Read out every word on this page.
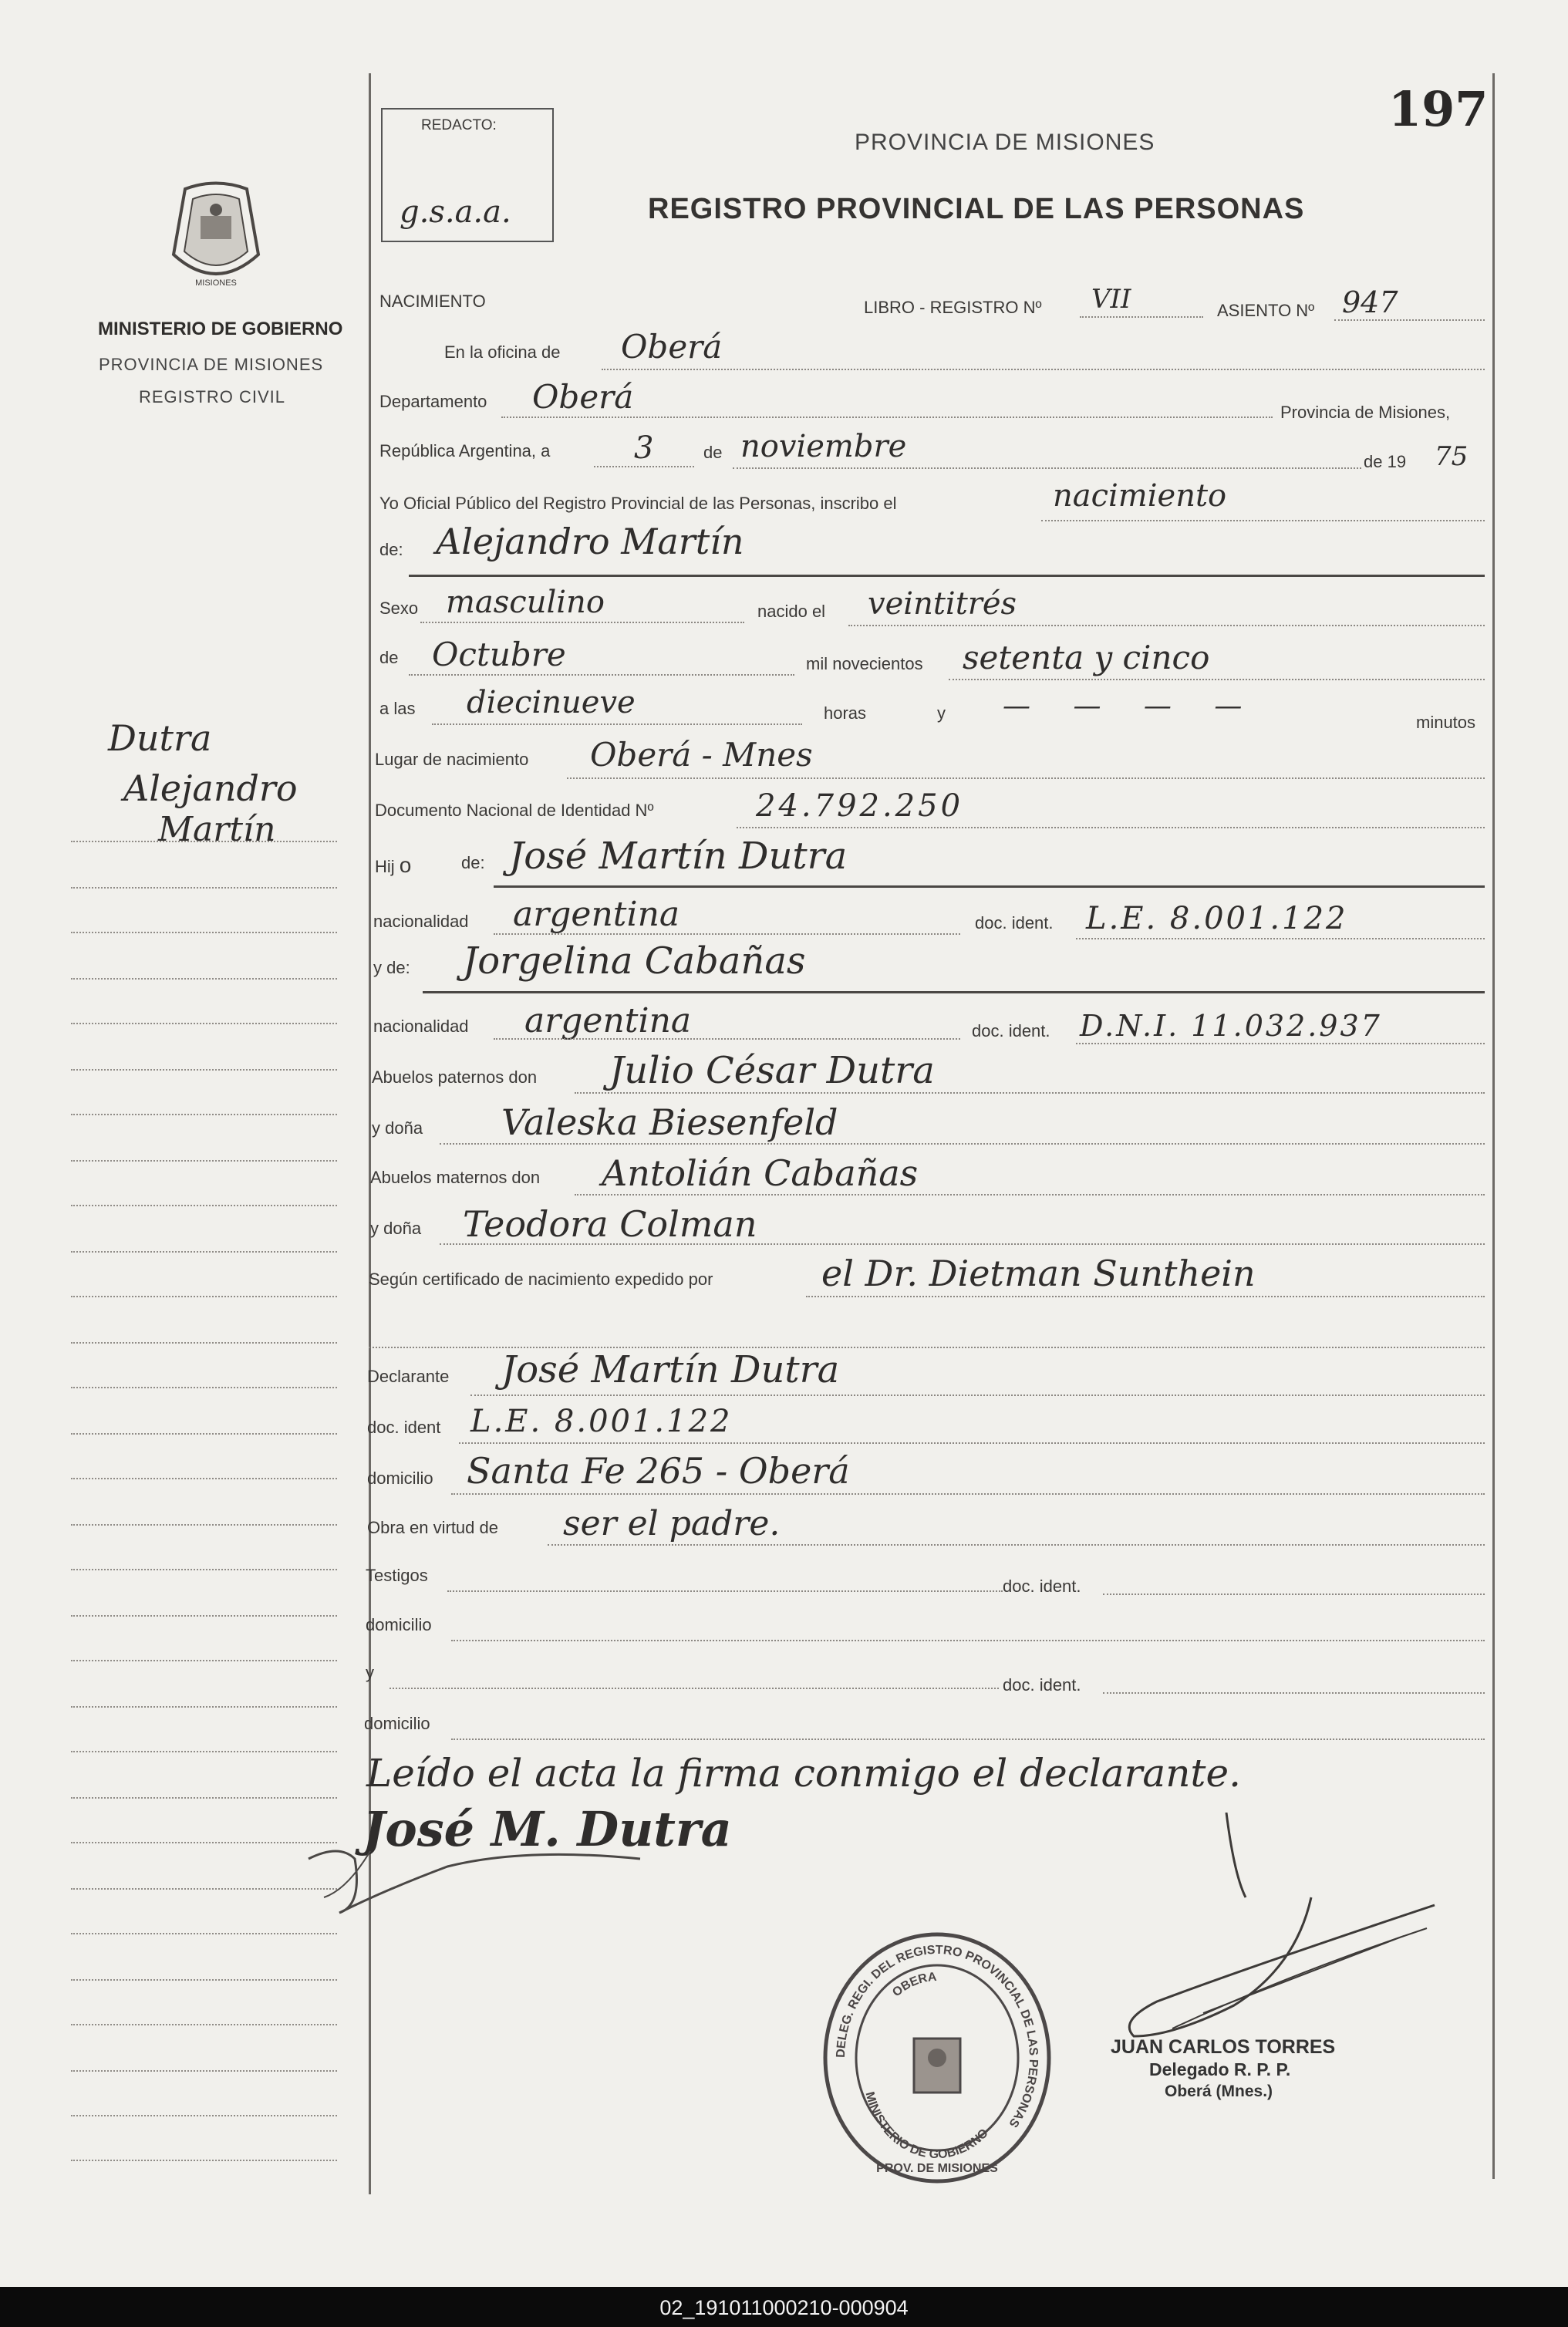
197
REDACTO:
g.s.a.a.
PROVINCIA DE MISIONES
REGISTRO PROVINCIAL DE LAS PERSONAS
MISIONES
MINISTERIO DE GOBIERNO
PROVINCIA DE MISIONES
REGISTRO CIVIL
Dutra
Alejandro
Martín
NACIMIENTO	LIBRO - REGISTRO Nº VII	ASIENTO Nº 947
En la oficina de Oberá
Departamento Oberá	Provincia de Misiones,
República Argentina, a	3	de noviembre	de 19 75
Yo Oficial Público del Registro Provincial de las Personas, inscribo el	nacimiento
de: Alejandro Martín
Sexo masculino	nacido el veintitrés
de Octubre	mil novecientos setenta y cinco
a las diecinueve	horas	y — — — —
minutos
Lugar de nacimiento Oberá - Mnes
Documento Nacional de Identidad Nº	24.792.250
Hij o	de: José Martín Dutra
nacionalidad argentina	doc. ident. L.E. 8.001.122
y de: Jorgelina Cabañas
nacionalidad argentina	doc. ident. D.N.I. 11.032.937
Abuelos paternos don Julio César Dutra
y doña Valeska Biesenfeld
Abuelos maternos don Antolián Cabañas
y doña Teodora Colman
Según certificado de nacimiento expedido por	el Dr. Dietman Sunthein
Declarante José Martín Dutra
doc. ident L.E. 8.001.122
domicilio Santa Fe 265 - Oberá
Obra en virtud de ser el padre.
Testigos
doc. ident.
domicilio
y
doc. ident.
domicilio
Leído el acta la firma conmigo el declarante.
José M. Dutra
JUAN CARLOS TORRES
Delegado R. P. P.
Oberá (Mnes.)
DELEG. REGI. DEL REGISTRO PROVINCIAL DE LAS PERSONAS
OBERA
MINISTERIO DE GOBIERNO
PROV. DE MISIONES
02_191011000210-000904
